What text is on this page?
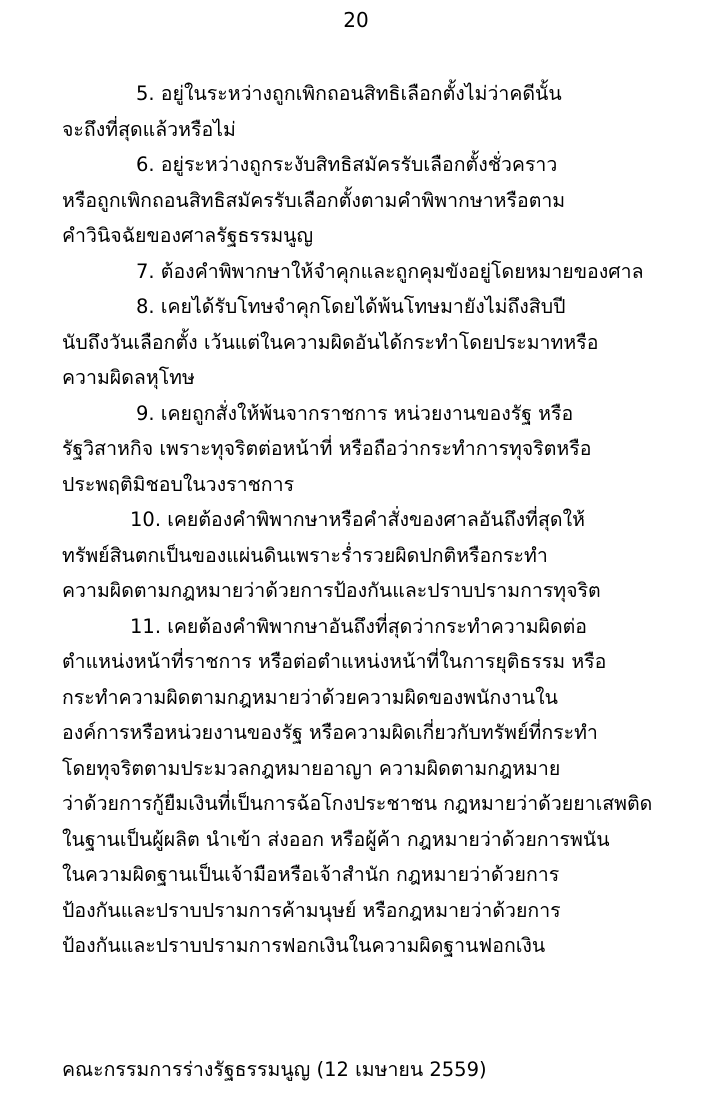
20
5. อยู่ในระหว่างถูกเพิกถอนสิทธิเลือกตั้งไม่ว่าคดีนั้น
จะถึงที่สุดแล้วหรือไม่
6. อยู่ระหว่างถูกระงับสิทธิสมัครรับเลือกตั้งชั่วคราว
หรือถูกเพิกถอนสิทธิสมัครรับเลือกตั้งตามคำพิพากษาหรือตาม
คำวินิจฉัยของศาลรัฐธรรมนูญ
7. ต้องคำพิพากษาให้จำคุกและถูกคุมขังอยู่โดยหมายของศาล
8. เคยได้รับโทษจำคุกโดยได้พ้นโทษมายังไม่ถึงสิบปี
นับถึงวันเลือกตั้ง เว้นแต่ในความผิดอันได้กระทำโดยประมาทหรือ
ความผิดลหุโทษ
9. เคยถูกสั่งให้พ้นจากราชการ หน่วยงานของรัฐ หรือ
รัฐวิสาหกิจ เพราะทุจริตต่อหน้าที่ หรือถือว่ากระทำการทุจริตหรือ
ประพฤติมิชอบในวงราชการ
10. เคยต้องคำพิพากษาหรือคำสั่งของศาลอันถึงที่สุดให้
ทรัพย์สินตกเป็นของแผ่นดินเพราะร่ำรวยผิดปกติหรือกระทำ
ความผิดตามกฎหมายว่าด้วยการป้องกันและปราบปรามการทุจริต
11. เคยต้องคำพิพากษาอันถึงที่สุดว่ากระทำความผิดต่อ
ตำแหน่งหน้าที่ราชการ หรือต่อตำแหน่งหน้าที่ในการยุติธรรม หรือ
กระทำความผิดตามกฎหมายว่าด้วยความผิดของพนักงานใน
องค์การหรือหน่วยงานของรัฐ หรือความผิดเกี่ยวกับทรัพย์ที่กระทำ
โดยทุจริตตามประมวลกฎหมายอาญา ความผิดตามกฎหมาย
ว่าด้วยการกู้ยืมเงินที่เป็นการฉ้อโกงประชาชน กฎหมายว่าด้วยยาเสพติด
ในฐานเป็นผู้ผลิต นำเข้า ส่งออก หรือผู้ค้า กฎหมายว่าด้วยการพนัน
ในความผิดฐานเป็นเจ้ามือหรือเจ้าสำนัก กฎหมายว่าด้วยการ
ป้องกันและปราบปรามการค้ามนุษย์ หรือกฎหมายว่าด้วยการ
ป้องกันและปราบปรามการฟอกเงินในความผิดฐานฟอกเงิน
คณะกรรมการร่างรัฐธรรมนูญ (12 เมษายน 2559)
